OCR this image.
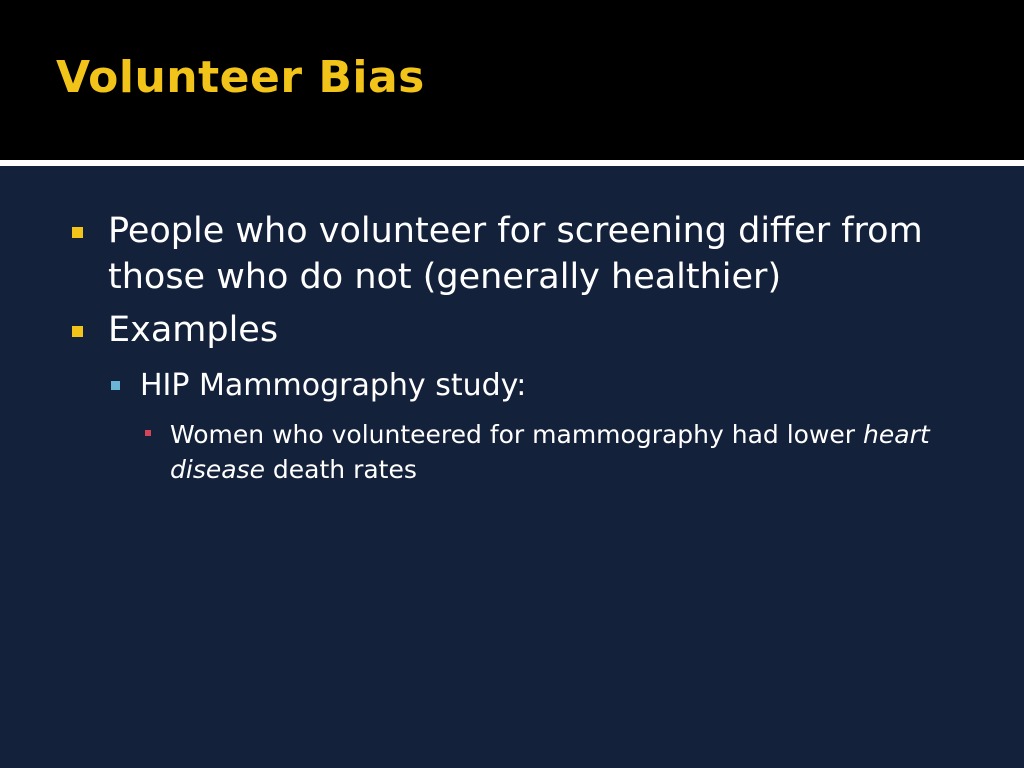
Volunteer Bias
People who volunteer for screening differ from those who do not (generally healthier)
Examples
HIP Mammography study:
Women who volunteered for mammography had lower heart disease death rates
